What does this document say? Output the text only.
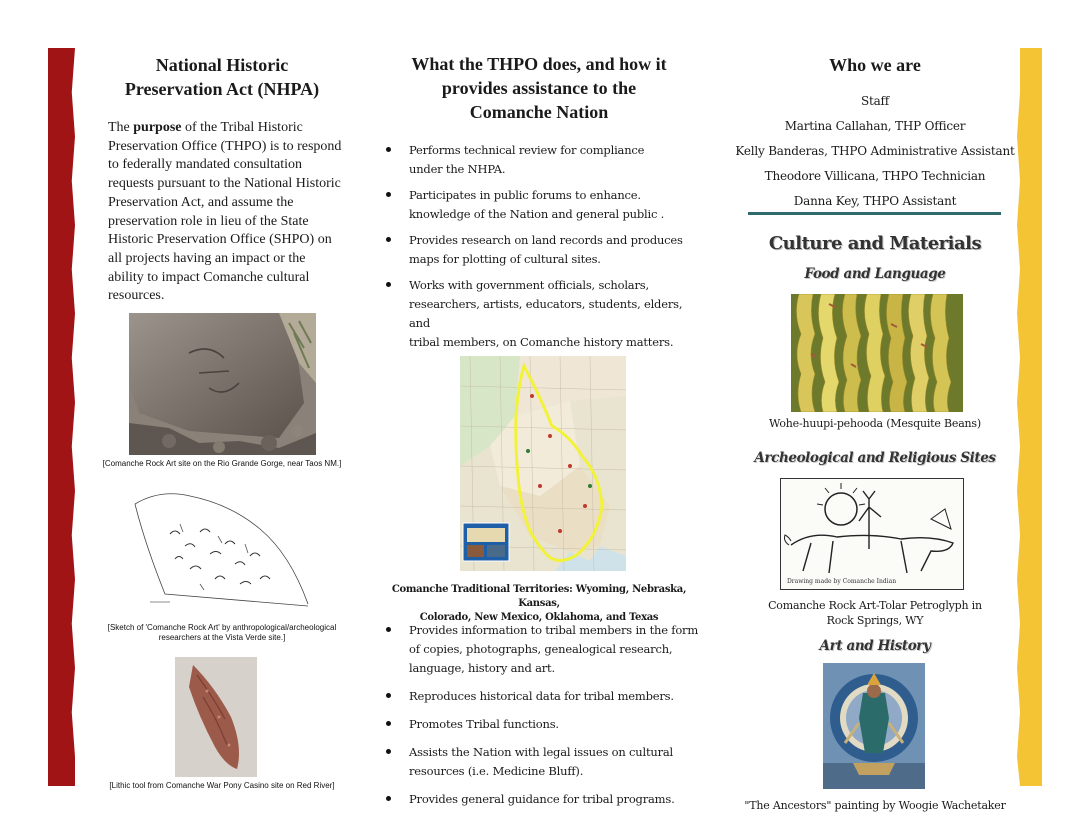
National Historic
Preservation Act (NHPA)

The purpose of the Tribal Historic Preservation Office (THPO) is to respond to federally mandated consultation requests pursuant to the National Historic Preservation Act, and assume the preservation role in lieu of the State Historic Preservation Office (SHPO) on all projects having an impact or the ability to impact Comanche cultural resources.

[Comanche Rock Art site on the Rio Grande Gorge, near Taos NM.]
[Sketch of 'Comanche Rock Art' by anthropological/archeological researchers at the Vista Verde site.]
[Lithic tool from Comanche War Pony Casino site on Red River]
What the THPO does, and how it
provides assistance to the
Comanche Nation
Performs technical review for compliance
under the NHPA.
Participates in public forums to enhance.
knowledge of the Nation and general public .
Provides research on land records and produces
maps for plotting of cultural sites.
Works with government officials, scholars,
researchers, artists, educators, students, elders, and
tribal members, on Comanche history matters.
Comanche Traditional Territories: Wyoming, Nebraska, Kansas,
Colorado, New Mexico, Oklahoma, and Texas
Provides information to tribal members in the form
of copies, photographs, genealogical research,
language, history and art.
Reproduces historical data for tribal members.
Promotes Tribal functions.
Assists the Nation with legal issues on cultural
resources (i.e. Medicine Bluff).
Provides general guidance for tribal programs.
Who we are
Staff
Martina Callahan, THP Officer
Kelly Banderas, THPO Administrative Assistant
Theodore Villicana, THPO Technician
Danna Key, THPO Assistant
Culture and Materials
Food and Language
Wohe-huupi-pehooda (Mesquite Beans)
Archeological and Religious Sites
Drawing made by Comanche Indian
Comanche Rock Art-Tolar Petroglyph in
Rock Springs, WY
Art and History
"The Ancestors" painting by Woogie Wachetaker
